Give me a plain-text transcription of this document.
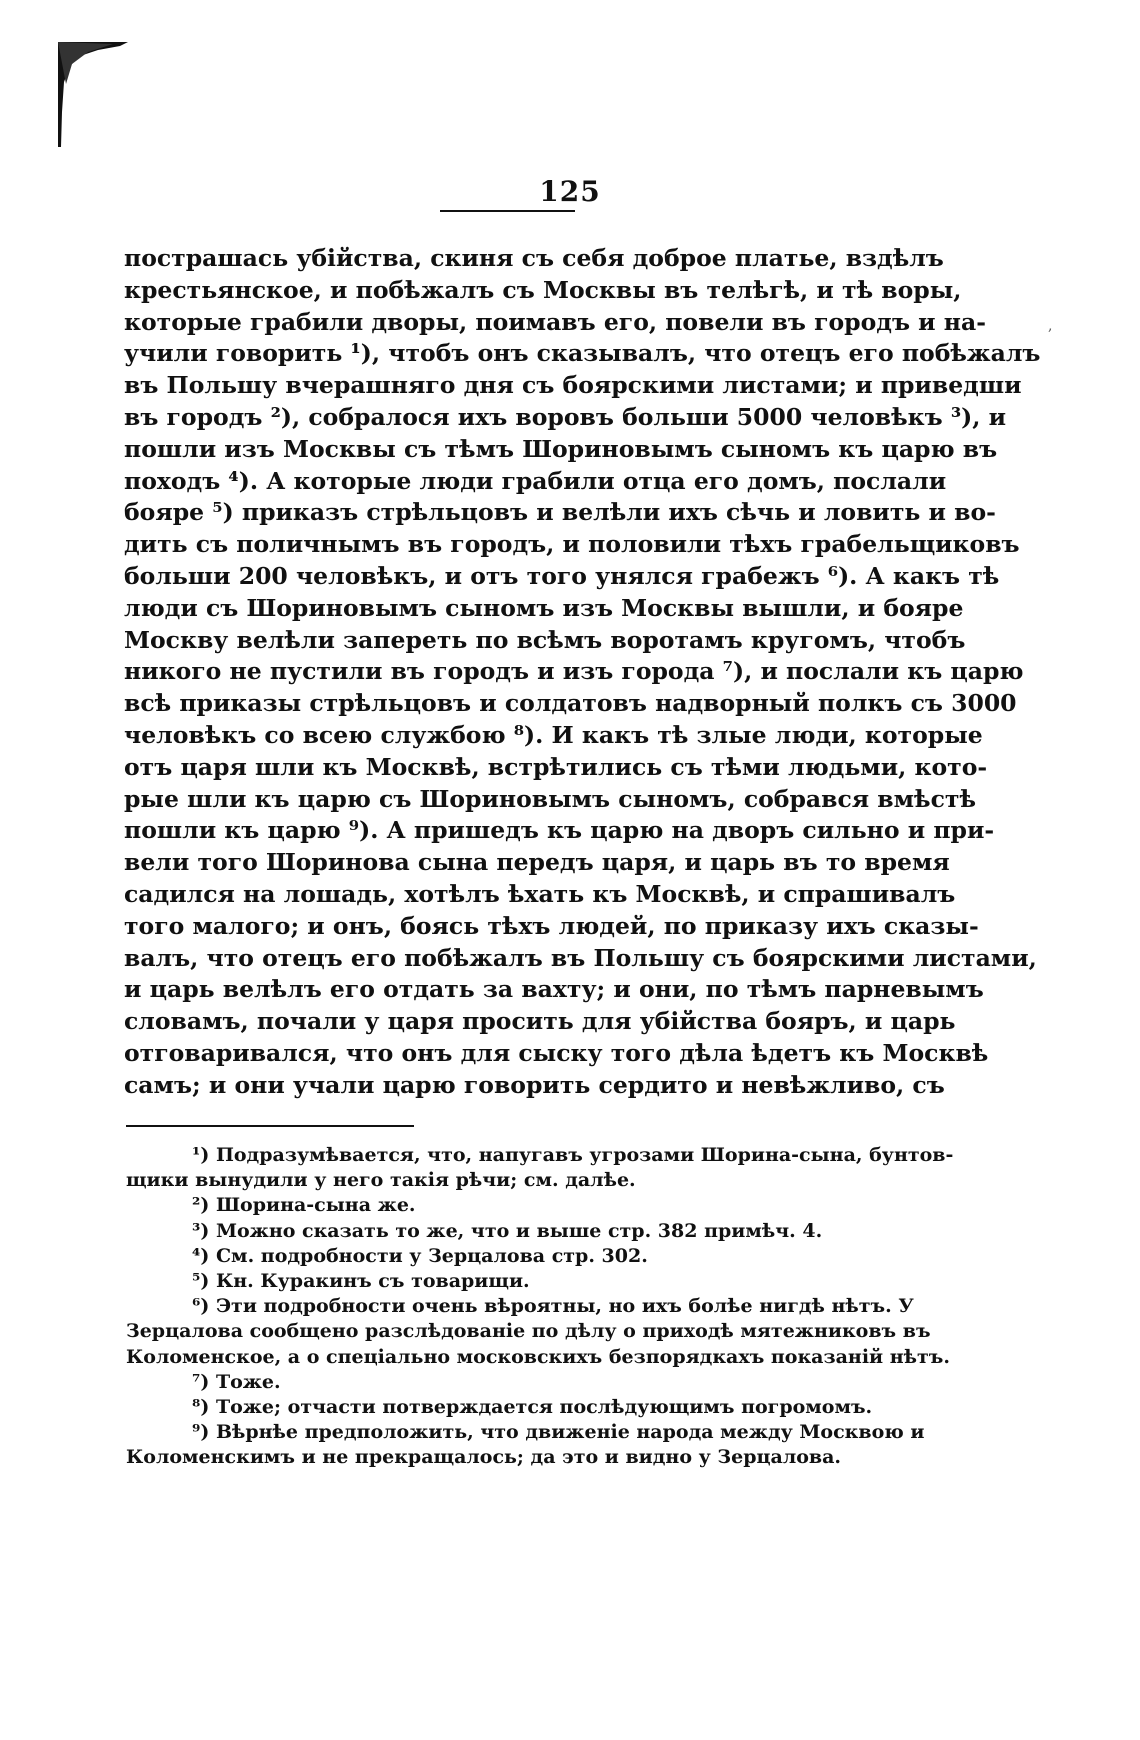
125
,
пострашась убійства, скиня съ себя доброе платье, вздѣлъ
крестьянское, и побѣжалъ съ Москвы въ телѣгѣ, и тѣ воры,
которые грабили дворы, поимавъ его, повели въ городъ и на-
учили говорить ¹), чтобъ онъ сказывалъ, что отецъ его побѣжалъ
въ Польшу вчерашняго дня съ боярскими листами; и приведши
въ городъ ²), собралося ихъ воровъ больши 5000 человѣкъ ³), и
пошли изъ Москвы съ тѣмъ Шориновымъ сыномъ къ царю въ
походъ ⁴). А которые люди грабили отца его домъ, послали
бояре ⁵) приказъ стрѣльцовъ и велѣли ихъ сѣчь и ловить и во-
дить съ поличнымъ въ городъ, и половили тѣхъ грабельщиковъ
больши 200 человѣкъ, и отъ того унялся грабежъ ⁶). А какъ тѣ
люди съ Шориновымъ сыномъ изъ Москвы вышли, и бояре
Москву велѣли запереть по всѣмъ воротамъ кругомъ, чтобъ
никого не пустили въ городъ и изъ города ⁷), и послали къ царю
всѣ приказы стрѣльцовъ и солдатовъ надворный полкъ съ 3000
человѣкъ со всею службою ⁸). И какъ тѣ злые люди, которые
отъ царя шли къ Москвѣ, встрѣтились съ тѣми людьми, кото-
рые шли къ царю съ Шориновымъ сыномъ, собрався вмѣстѣ
пошли къ царю ⁹). А пришедъ къ царю на дворъ сильно и при-
вели того Шоринова сына передъ царя, и царь въ то время
садился на лошадь, хотѣлъ ѣхать къ Москвѣ, и спрашивалъ
того малого; и онъ, боясь тѣхъ людей, по приказу ихъ сказы-
валъ, что отецъ его побѣжалъ въ Польшу съ боярскими листами,
и царь велѣлъ его отдать за вахту; и они, по тѣмъ парневымъ
словамъ, почали у царя просить для убійства бояръ, и царь
отговаривался, что онъ для сыску того дѣла ѣдетъ къ Москвѣ
самъ; и они учали царю говорить сердито и невѣжливо, съ
¹) Подразумѣвается, что, напугавъ угрозами Шорина-сына, бунтов-
щики вынудили у него такія рѣчи; см. далѣе.
²) Шорина-сына же.
³) Можно сказать то же, что и выше стр. 382 примѣч. 4.
⁴) См. подробности у Зерцалова стр. 302.
⁵) Кн. Куракинъ съ товарищи.
⁶) Эти подробности очень вѣроятны, но ихъ болѣе нигдѣ нѣтъ. У
Зерцалова сообщено разслѣдованіе по дѣлу о приходѣ мятежниковъ въ
Коломенское, а о спеціально московскихъ безпорядкахъ показаній нѣтъ.
⁷) Тоже.
⁸) Тоже; отчасти потверждается послѣдующимъ погромомъ.
⁹) Вѣрнѣе предположить, что движеніе народа между Москвою и
Коломенскимъ и не прекращалось; да это и видно у Зерцалова.
